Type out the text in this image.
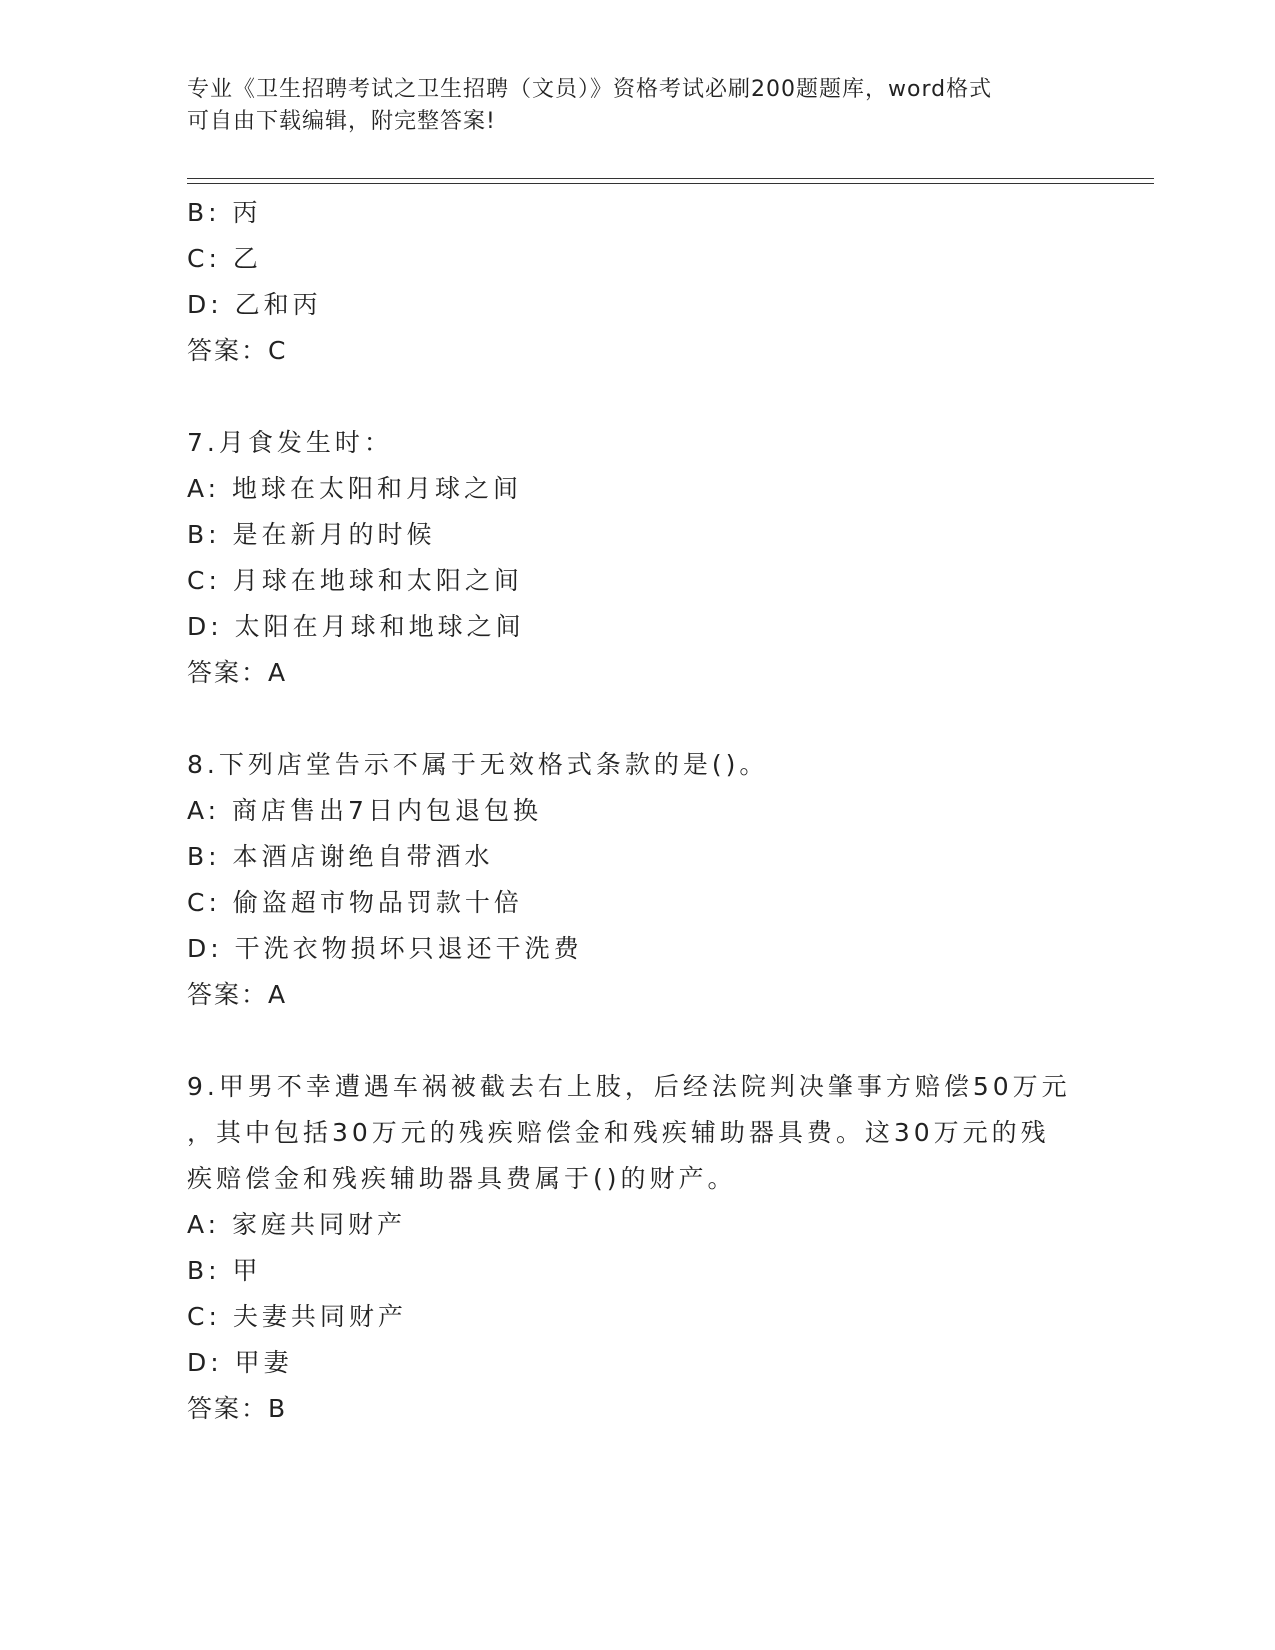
专业《卫生招聘考试之卫生招聘（文员）》资格考试必刷200题题库，word格式
可自由下载编辑，附完整答案!
B: 丙
C: 乙
D: 乙和丙
答案：C
7.月食发生时：
A: 地球在太阳和月球之间
B: 是在新月的时候
C: 月球在地球和太阳之间
D: 太阳在月球和地球之间
答案：A
8.下列店堂告示不属于无效格式条款的是()。
A: 商店售出7日内包退包换
B: 本酒店谢绝自带酒水
C: 偷盗超市物品罚款十倍
D: 干洗衣物损坏只退还干洗费
答案：A
9.甲男不幸遭遇车祸被截去右上肢，后经法院判决肇事方赔偿50万元
，其中包括30万元的残疾赔偿金和残疾辅助器具费。这30万元的残
疾赔偿金和残疾辅助器具费属于()的财产。
A: 家庭共同财产
B: 甲
C: 夫妻共同财产
D: 甲妻
答案：B
